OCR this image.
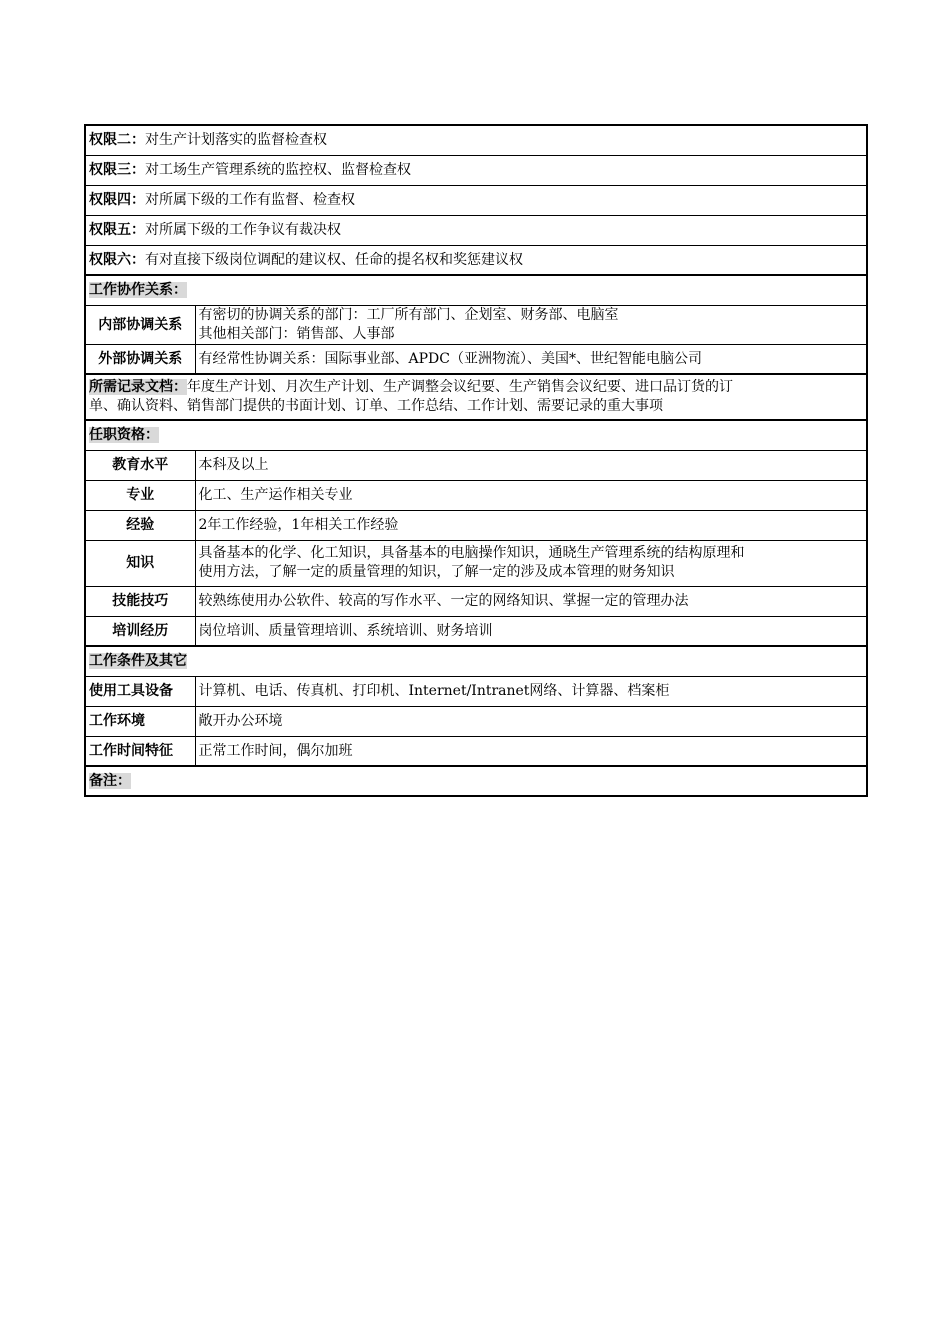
权限二：对生产计划落实的监督检查权	
权限三：对工场生产管理系统的监控权、监督检查权	
权限四：对所属下级的工作有监督、检查权	
权限五：对所属下级的工作争议有裁决权	
权限六：有对直接下级岗位调配的建议权、任命的提名权和奖惩建议权	
工作协作关系：	
内部协调关系	有密切的协调关系的部门：工厂所有部门、企划室、财务部、电脑室
其他相关部门：销售部、人事部

外部协调关系	有经常性协调关系：国际事业部、APDC（亚洲物流）、美国*、世纪智能电脑公司

所需记录文档：年度生产计划、月次生产计划、生产调整会议纪要、生产销售会议纪要、进口品订货的订
单、确认资料、销售部门提供的书面计划、订单、工作总结、工作计划、需要记录的重大事项	

任职资格：	
教育水平	本科及以上
专业	化工、生产运作相关专业
经验	2年工作经验，1年相关工作经验
知识	具备基本的化学、化工知识，具备基本的电脑操作知识，通晓生产管理系统的结构原理和
使用方法，了解一定的质量管理的知识，了解一定的涉及成本管理的财务知识

技能技巧	较熟练使用办公软件、较高的写作水平、一定的网络知识、掌握一定的管理办法
培训经历	岗位培训、质量管理培训、系统培训、财务培训
工作条件及其它	
使用工具设备	计算机、电话、传真机、打印机、Internet/Intranet网络、计算器、档案柜
工作环境	敞开办公环境
工作时间特征	正常工作时间，偶尔加班
备注：	
